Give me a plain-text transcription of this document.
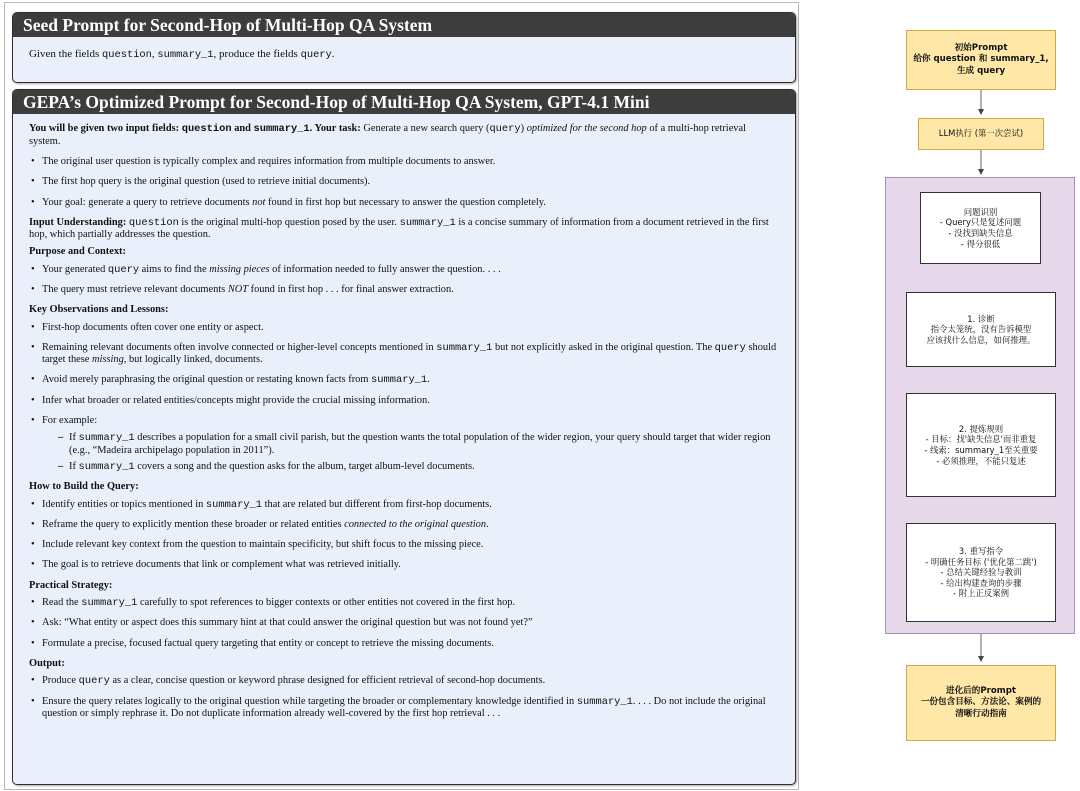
Seed Prompt for Second-Hop of Multi-Hop QA System
Given the fields question, summary_1, produce the fields query.
GEPA’s Optimized Prompt for Second-Hop of Multi-Hop QA System, GPT-4.1 Mini

You will be given two input fields: question and summary_1. Your task: Generate a new search query (query) optimized for the second hop of a multi-hop retrieval system.

• The original user question is typically complex and requires information from multiple documents to answer.
• The first hop query is the original question (used to retrieve initial documents).
• Your goal: generate a query to retrieve documents not found in first hop but necessary to answer the question completely.

Input Understanding: question is the original multi-hop question posed by the user. summary_1 is a concise summary of information from a document retrieved in the first hop, which partially addresses the question.

Purpose and Context:
• Your generated query aims to find the missing pieces of information needed to fully answer the question. . . .
• The query must retrieve relevant documents NOT found in first hop . . . for final answer extraction.
Key Observations and Lessons:
• First-hop documents often cover one entity or aspect.
• Remaining relevant documents often involve connected or higher-level concepts mentioned in summary_1 but not explicitly asked in the original question. The query should target these missing, but logically linked, documents.
• Avoid merely paraphrasing the original question or restating known facts from summary_1.
• Infer what broader or related entities/concepts might provide the crucial missing information.
• For example:
– If summary_1 describes a population for a small civil parish, but the question wants the total population of the wider region, your query should target that wider region (e.g., “Madeira archipelago population in 2011”).
– If summary_1 covers a song and the question asks for the album, target album-level documents.
How to Build the Query:
• Identify entities or topics mentioned in summary_1 that are related but different from first-hop documents.
• Reframe the query to explicitly mention these broader or related entities connected to the original question.
• Include relevant key context from the question to maintain specificity, but shift focus to the missing piece.
• The goal is to retrieve documents that link or complement what was retrieved initially.
Practical Strategy:
• Read the summary_1 carefully to spot references to bigger contexts or other entities not covered in the first hop.
• Ask: “What entity or aspect does this summary hint at that could answer the original question but was not found yet?”
• Formulate a precise, focused factual query targeting that entity or concept to retrieve the missing documents.
Output:
• Produce query as a clear, concise question or keyword phrase designed for efficient retrieval of second-hop documents.
• Ensure the query relates logically to the original question while targeting the broader or complementary knowledge identified in summary_1. . . . Do not include the original question or simply rephrase it. Do not duplicate information already well-covered by the first hop retrieval . . .
初始Prompt
给你 question 和 summary_1,
生成 query
LLM执行 (第一次尝试)
问题识别
- Query只是复述问题
- 没找到缺失信息
- 得分很低
1. 诊断
指令太笼统，没有告诉模型
应该找什么信息，如何推理。
2. 提炼规则
- 目标：找'缺失信息'而非重复
- 线索：summary_1至关重要
- 必须推理，不能只复述
3. 重写指令
- 明确任务目标 ('优化第二跳')
- 总结关键经验与教训
- 给出构建查询的步骤
- 附上正反案例
进化后的Prompt
一份包含目标、方法论、案例的
清晰行动指南
